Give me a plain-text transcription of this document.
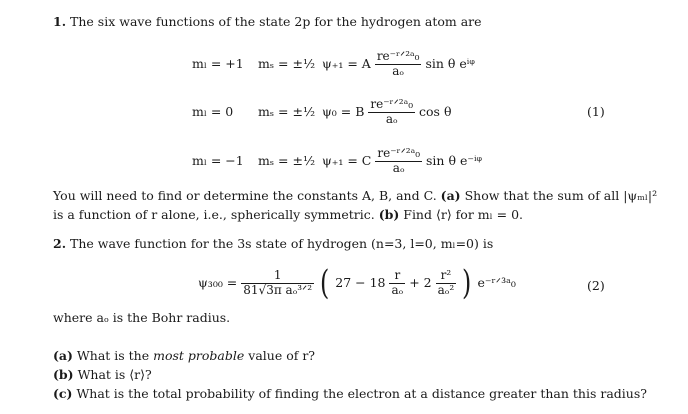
1. The six wave functions of the state 2p for the hydrogen atom are
mₗ = +1 mₛ = ±½ ψ₊₁ = A $\frac{\text{re⁻ʳᐟ²ᵃ₀}}{\text{aₒ}}$ sin θ eⁱᵠ
mₗ = 0 mₛ = ±½ ψ₀ = B $\frac{\text{re⁻ʳᐟ²ᵃ₀}}{\text{aₒ}}$ cos θ	(1)
mₗ = −1 mₛ = ±½ ψ₊₁ = C $\frac{\text{re⁻ʳᐟ²ᵃ₀}}{\text{aₒ}}$ sin θ e⁻ⁱᵠ
You will need to find or determine the constants A, B, and C. (a) Show that the sum of all |ψₘₗ|²
is a function of r alone, i.e., spherically symmetric. (b) Find ⟨r⟩ for mₗ = 0.
2. The wave function for the 3s state of hydrogen (n=3, l=0, mₗ=0) is
$\psi_{300} = \frac{1}{\text{81√3π aₒ³ᐟ²}}$ ( $27 - 18 \frac{r}{\text{aₒ}} + 2 \frac{\text{r²}}{\text{aₒ²}}$ ) e⁻ʳᐟ³ᵃ₀	(2)
where aₒ is the Bohr radius.
(a) What is the most probable value of r?
(b) What is ⟨r⟩?
(c) What is the total probability of finding the electron at a distance greater than this radius?
